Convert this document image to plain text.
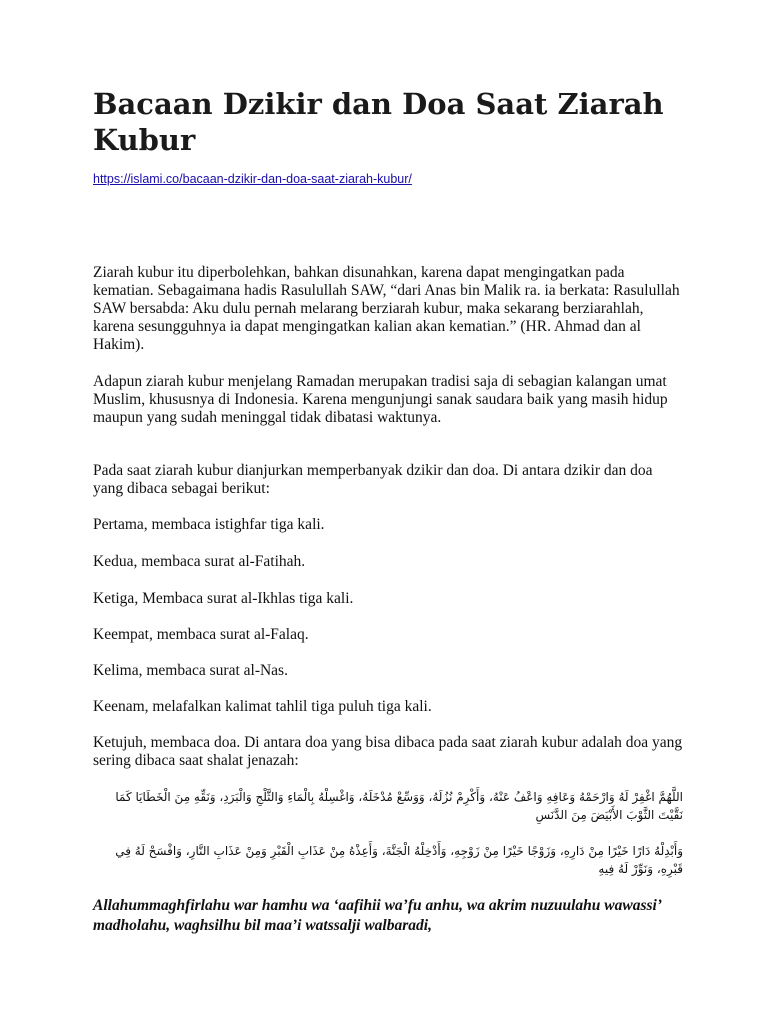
Bacaan Dzikir dan Doa Saat Ziarah Kubur
https://islami.co/bacaan-dzikir-dan-doa-saat-ziarah-kubur/

Ziarah kubur itu diperbolehkan, bahkan disunahkan, karena dapat mengingatkan pada kematian. Sebagaimana hadis Rasulullah SAW, “dari Anas bin Malik ra. ia berkata: Rasulullah SAW bersabda: Aku dulu pernah melarang berziarah kubur, maka sekarang berziarahlah, karena sesungguhnya ia dapat mengingatkan kalian akan kematian.” (HR. Ahmad dan al Hakim).

Adapun ziarah kubur menjelang Ramadan merupakan tradisi saja di sebagian kalangan umat Muslim, khususnya di Indonesia. Karena mengunjungi sanak saudara baik yang masih hidup maupun yang sudah meninggal tidak dibatasi waktunya.

Pada saat ziarah kubur dianjurkan memperbanyak dzikir dan doa. Di antara dzikir dan doa yang dibaca sebagai berikut:

Pertama, membaca istighfar tiga kali.

Kedua, membaca surat al-Fatihah.

Ketiga, Membaca surat al-Ikhlas tiga kali.

Keempat, membaca surat al-Falaq.

Kelima, membaca surat al-Nas.

Keenam, melafalkan kalimat tahlil tiga puluh tiga kali.

Ketujuh, membaca doa. Di antara doa yang bisa dibaca pada saat ziarah kubur adalah doa yang sering dibaca saat shalat jenazah:

اللَّهُمَّ اغْفِرْ لَهُ وَارْحَمْهُ وَعَافِهِ وَاعْفُ عَنْهُ، وَأَكْرِمْ نُزُلَهُ، وَوَسِّعْ مُدْخَلَهُ، وَاغْسِلْهُ بِالْمَاءِ وَالثَّلْجِ وَالْبَرَدِ، وَنَقِّهِ مِنَ الْخَطَايَا كَمَا نَقَّيْتَ الثَّوْبَ الأَبْيَضَ مِنَ الدَّنَسِ

وَأَبْدِلْهُ دَارًا خَيْرًا مِنْ دَارِهِ، وَزَوْجًا خَيْرًا مِنْ زَوْجِهِ، وَأَدْخِلْهُ الْجَنَّةَ، وَأَعِذْهُ مِنْ عَذَابِ الْقَبْرِ وَمِنْ عَذَابِ النَّارِ، وَافْسَحْ لَهُ فِي قَبْرِهِ، وَنَوِّرْ لَهُ فِيهِ

Allahummaghfirlahu war hamhu wa ‘aafihii wa’fu anhu, wa akrim nuzuulahu wawassi’ madholahu, waghsilhu bil maa’i watssalji walbaradi,
